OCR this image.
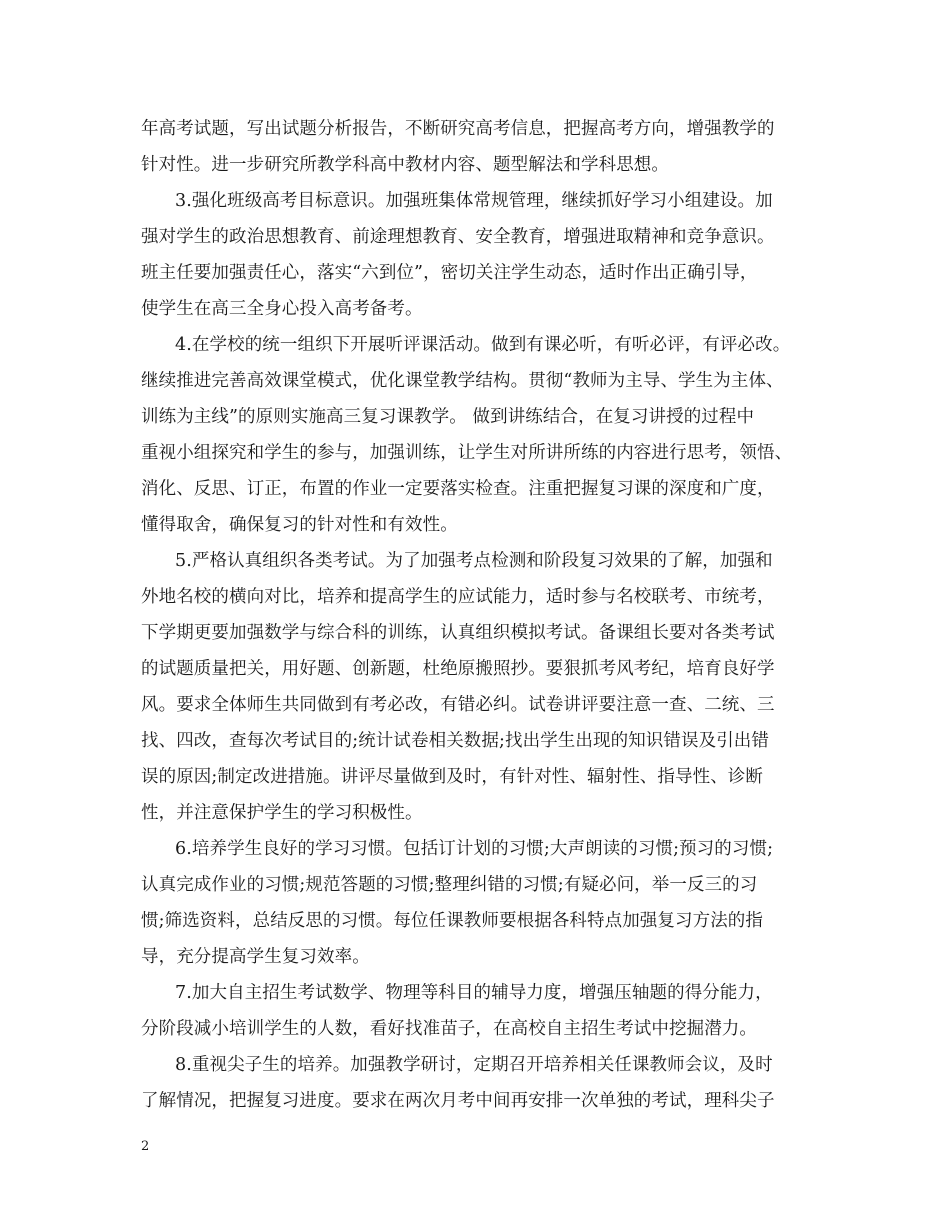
年高考试题，写出试题分析报告，不断研究高考信息，把握高考方向，增强教学的
针对性。进一步研究所教学科高中教材内容、题型解法和学科思想。
3.强化班级高考目标意识。加强班集体常规管理，继续抓好学习小组建设。加
强对学生的政治思想教育、前途理想教育、安全教育，增强进取精神和竞争意识。
班主任要加强责任心，落实“六到位”，密切关注学生动态，适时作出正确引导，
使学生在高三全身心投入高考备考。
4.在学校的统一组织下开展听评课活动。做到有课必听，有听必评，有评必改。
继续推进完善高效课堂模式，优化课堂教学结构。贯彻“教师为主导、学生为主体、
训练为主线”的原则实施高三复习课教学。 做到讲练结合，在复习讲授的过程中
重视小组探究和学生的参与，加强训练，让学生对所讲所练的内容进行思考，领悟、
消化、反思、订正，布置的作业一定要落实检查。注重把握复习课的深度和广度，
懂得取舍，确保复习的针对性和有效性。
5.严格认真组织各类考试。为了加强考点检测和阶段复习效果的了解，加强和
外地名校的横向对比，培养和提高学生的应试能力，适时参与名校联考、市统考，
下学期更要加强数学与综合科的训练，认真组织模拟考试。备课组长要对各类考试
的试题质量把关，用好题、创新题，杜绝原搬照抄。要狠抓考风考纪，培育良好学
风。要求全体师生共同做到有考必改，有错必纠。试卷讲评要注意一查、二统、三
找、四改，查每次考试目的;统计试卷相关数据;找出学生出现的知识错误及引出错
误的原因;制定改进措施。讲评尽量做到及时，有针对性、辐射性、指导性、诊断
性，并注意保护学生的学习积极性。
6.培养学生良好的学习习惯。包括订计划的习惯;大声朗读的习惯;预习的习惯;
认真完成作业的习惯;规范答题的习惯;整理纠错的习惯;有疑必问，举一反三的习
惯;筛选资料，总结反思的习惯。每位任课教师要根据各科特点加强复习方法的指
导，充分提高学生复习效率。
7.加大自主招生考试数学、物理等科目的辅导力度，增强压轴题的得分能力，
分阶段减小培训学生的人数，看好找准苗子，在高校自主招生考试中挖掘潜力。
8.重视尖子生的培养。加强教学研讨，定期召开培养相关任课教师会议，及时
了解情况，把握复习进度。要求在两次月考中间再安排一次单独的考试，理科尖子
2
